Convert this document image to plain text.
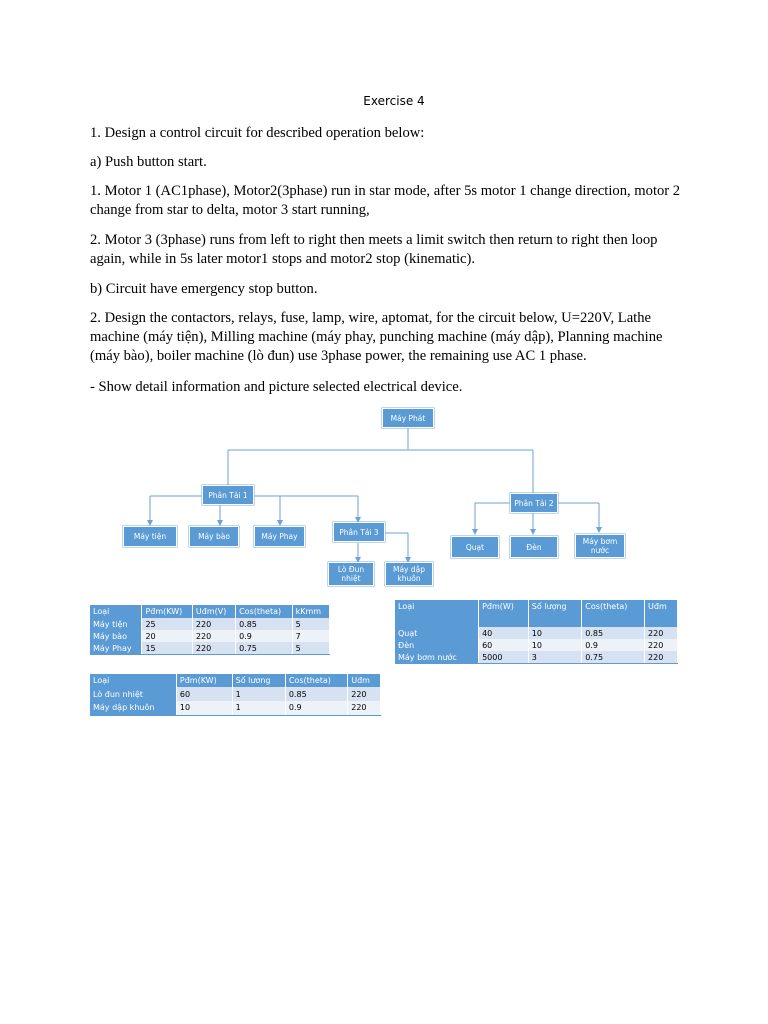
Exercise 4

1. Design a control circuit for described operation below:

a) Push button start.

1. Motor 1 (AC1phase), Motor2(3phase) run in star mode, after 5s motor 1 change direction, motor 2 change from star to delta, motor 3 start running,

2. Motor 3 (3phase) runs from left to right then meets a limit switch then return to right then loop again, while in 5s later motor1 stops and motor2 stop (kinematic).

b) Circuit have emergency stop button.

2. Design the contactors, relays, fuse, lamp, wire, aptomat, for the circuit below, U=220V, Lathe machine (máy tiện), Milling machine (máy phay, punching machine (máy dập), Planning machine (máy bào), boiler machine (lò đun) use 3phase power, the remaining use AC 1 phase.

- Show detail information and picture selected electrical device.

Máy Phát
Phân Tải 1
Phân Tải 2
Phân Tải 3
Máy tiện	Máy bào	Máy Phay
Lò Đun nhiệt
Máy dập khuôn
Quạt	Đèn
Máy bơm nước
Loại	Pđm(KW)	Uđm(V)	Cos(theta)	kKmm
Máy tiện	25	220	0.85	5
Máy bào	20	220	0.9	7
Máy Phay	15	220	0.75	5
Loại	Pđm(W)	Số lượng	Cos(theta)	Uđm
Quạt	40	10	0.85	220
Đèn	60	10	0.9	220
Máy bơm nước	5000	3	0.75	220
Loại	Pđm(KW)	Số lương	Cos(theta)	Uđm
Lò đun nhiệt	60	1	0.85	220
Máy dập khuôn	10	1	0.9	220
